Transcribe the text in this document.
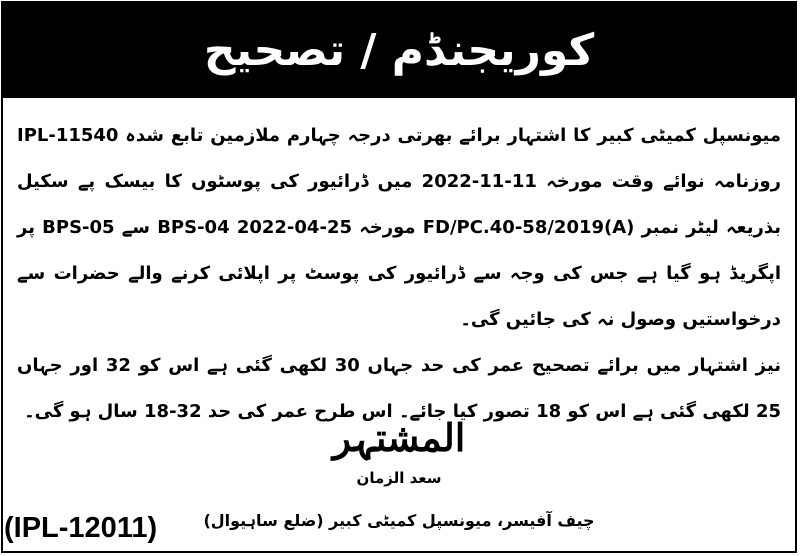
کوریجنڈم / تصحیح

میونسپل کمیٹی کبیر کا اشتہار برائے بھرتی درجہ چہارم ملازمین تابع شدہ IPL-11540 روزنامہ نوائے وقت مورخہ 11-11-2022 میں ڈرائیور کی پوسٹوں کا بیسک پے سکیل بذریعہ لیٹر نمبر FD/PC.40-58/2019(A) مورخہ 25-04-2022 BPS-04 سے BPS-05 پر اپگریڈ ہو گیا ہے جس کی وجہ سے ڈرائیور کی پوسٹ پر اپلائی کرنے والے حضرات سے درخواستیں وصول نہ کی جائیں گی۔

نیز اشتہار میں برائے تصحیح عمر کی حد جہاں 30 لکھی گئی ہے اس کو 32 اور جہاں 25 لکھی گئی ہے اس کو 18 تصور کیا جائے۔ اس طرح عمر کی حد 32-18 سال ہو گی۔

المشتہر
سعد الزمان
چیف آفیسر، میونسپل کمیٹی کبیر (ضلع ساہیوال)
(IPL-12011)
